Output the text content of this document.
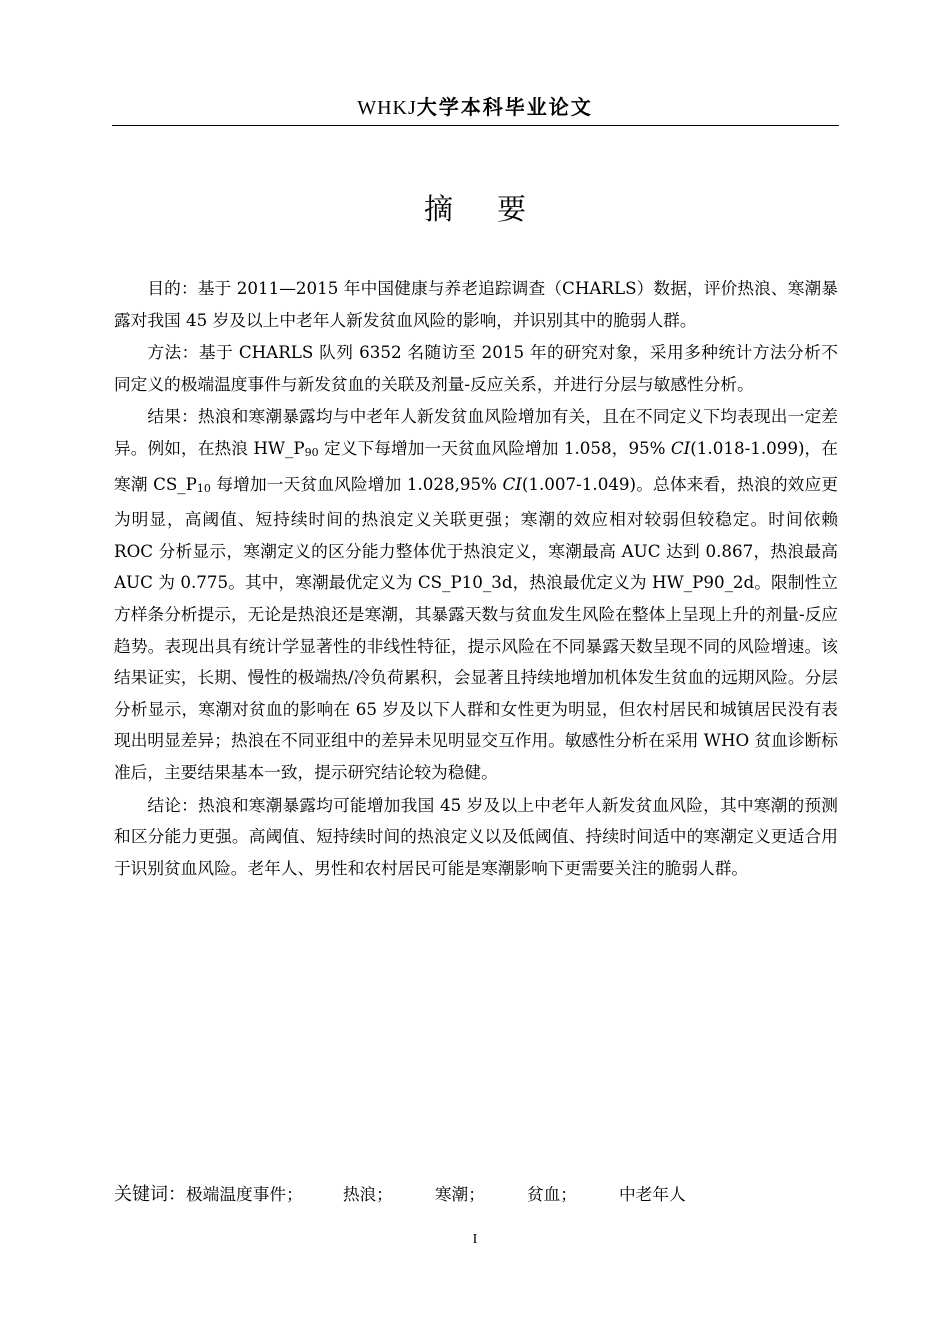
WHKJ大学本科毕业论文
摘要

目的：基于 2011—2015 年中国健康与养老追踪调查（CHARLS）数据，评价热浪、寒潮暴露对我国 45 岁及以上中老年人新发贫血风险的影响，并识别其中的脆弱人群。

方法：基于 CHARLS 队列 6352 名随访至 2015 年的研究对象，采用多种统计方法分析不同定义的极端温度事件与新发贫血的关联及剂量-反应关系，并进行分层与敏感性分析。

结果：热浪和寒潮暴露均与中老年人新发贫血风险增加有关，且在不同定义下均表现出一定差异。例如，在热浪 $HW\_P_{90}$ 定义下每增加一天贫血风险增加 1.058，95% CI(1.018-1.099)，在寒潮 $CS\_P_{10}$ 每增加一天贫血风险增加 1.028,95% CI(1.007-1.049)。总体来看，热浪的效应更为明显，高阈值、短持续时间的热浪定义关联更强；寒潮的效应相对较弱但较稳定。时间依赖 ROC 分析显示，寒潮定义的区分能力整体优于热浪定义，寒潮最高 AUC 达到 0.867，热浪最高 AUC 为 0.775。其中，寒潮最优定义为 CS_P10_3d，热浪最优定义为 HW_P90_2d。限制性立方样条分析提示，无论是热浪还是寒潮，其暴露天数与贫血发生风险在整体上呈现上升的剂量-反应趋势。表现出具有统计学显著性的非线性特征，提示风险在不同暴露天数呈现不同的风险增速。该结果证实，长期、慢性的极端热/冷负荷累积，会显著且持续地增加机体发生贫血的远期风险。分层分析显示，寒潮对贫血的影响在 65 岁及以下人群和女性更为明显，但农村居民和城镇居民没有表现出明显差异；热浪在不同亚组中的差异未见明显交互作用。敏感性分析在采用 WHO 贫血诊断标准后，主要结果基本一致，提示研究结论较为稳健。

结论：热浪和寒潮暴露均可能增加我国 45 岁及以上中老年人新发贫血风险，其中寒潮的预测和区分能力更强。高阈值、短持续时间的热浪定义以及低阈值、持续时间适中的寒潮定义更适合用于识别贫血风险。老年人、男性和农村居民可能是寒潮影响下更需要关注的脆弱人群。

关键词：极端温度事件； 热浪；	寒潮；	贫血；	中老年人
I
